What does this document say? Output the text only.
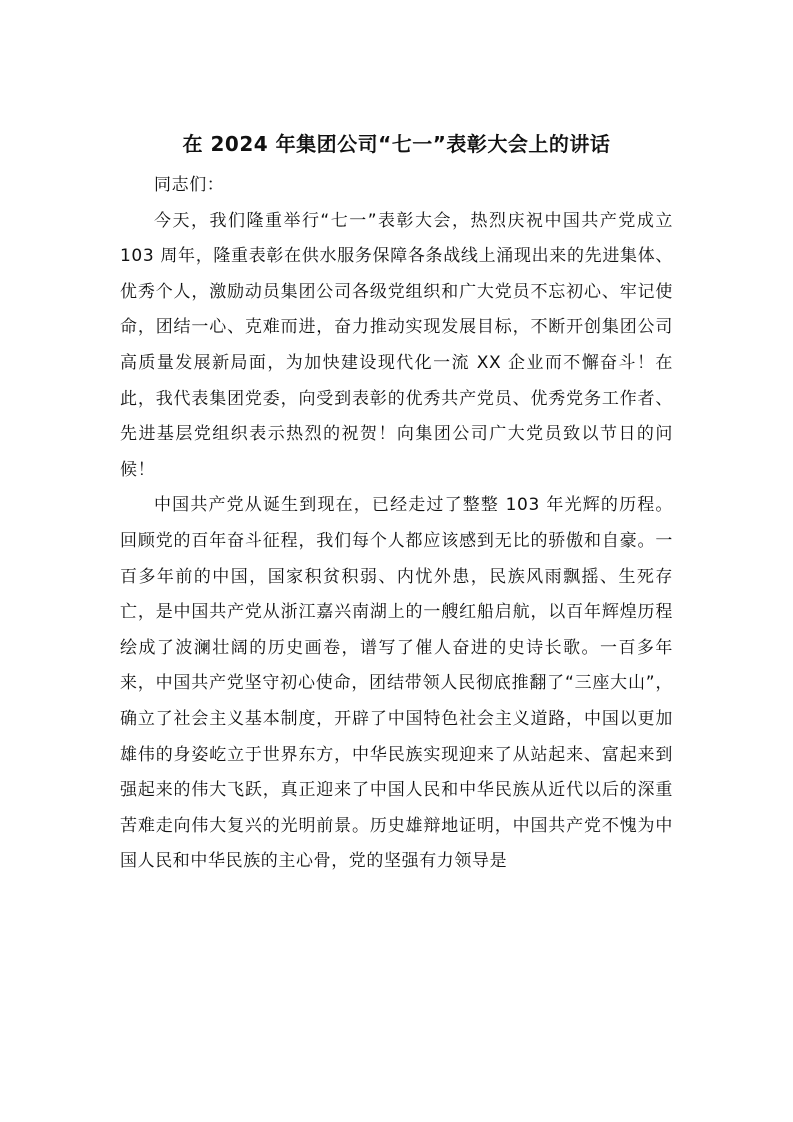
在 2024 年集团公司“七一”表彰大会上的讲话

同志们：

今天，我们隆重举行“七一”表彰大会，热烈庆祝中国共产党成立 103 周年，隆重表彰在供水服务保障各条战线上涌现出来的先进集体、优秀个人，激励动员集团公司各级党组织和广大党员不忘初心、牢记使命，团结一心、克难而进，奋力推动实现发展目标，不断开创集团公司高质量发展新局面，为加快建设现代化一流 XX 企业而不懈奋斗！在此，我代表集团党委，向受到表彰的优秀共产党员、优秀党务工作者、先进基层党组织表示热烈的祝贺！向集团公司广大党员致以节日的问候！

中国共产党从诞生到现在，已经走过了整整 103 年光辉的历程。回顾党的百年奋斗征程，我们每个人都应该感到无比的骄傲和自豪。一百多年前的中国，国家积贫积弱、内忧外患，民族风雨飘摇、生死存亡，是中国共产党从浙江嘉兴南湖上的一艘红船启航，以百年辉煌历程绘成了波澜壮阔的历史画卷，谱写了催人奋进的史诗长歌。一百多年来，中国共产党坚守初心使命，团结带领人民彻底推翻了“三座大山”，确立了社会主义基本制度，开辟了中国特色社会主义道路，中国以更加雄伟的身姿屹立于世界东方，中华民族实现迎来了从站起来、富起来到强起来的伟大飞跃，真正迎来了中国人民和中华民族从近代以后的深重苦难走向伟大复兴的光明前景。历史雄辩地证明，中国共产党不愧为中国人民和中华民族的主心骨，党的坚强有力领导是
